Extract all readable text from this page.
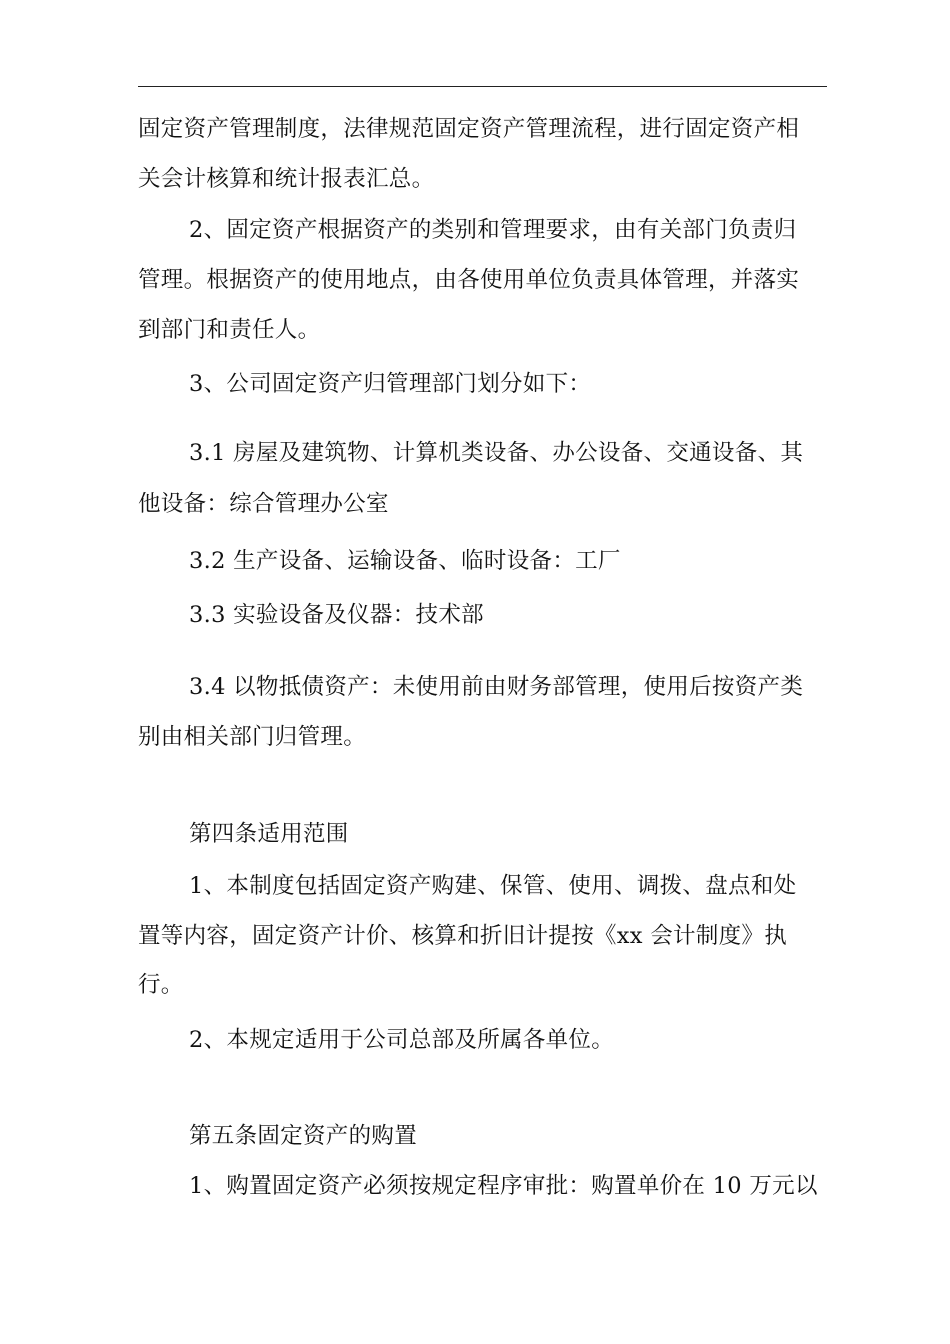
固定资产管理制度，法律规范固定资产管理流程，进行固定资产相
关会计核算和统计报表汇总。
2、固定资产根据资产的类别和管理要求，由有关部门负责归
管理。根据资产的使用地点，由各使用单位负责具体管理，并落实
到部门和责任人。
3、公司固定资产归管理部门划分如下：
3.1 房屋及建筑物、计算机类设备、办公设备、交通设备、其
他设备：综合管理办公室
3.2 生产设备、运输设备、临时设备：工厂
3.3 实验设备及仪器：技术部
3.4 以物抵债资产：未使用前由财务部管理，使用后按资产类
别由相关部门归管理。
第四条适用范围
1、本制度包括固定资产购建、保管、使用、调拨、盘点和处
置等内容，固定资产计价、核算和折旧计提按《xx 会计制度》执
行。
2、本规定适用于公司总部及所属各单位。
第五条固定资产的购置
1、购置固定资产必须按规定程序审批：购置单价在 10 万元以
